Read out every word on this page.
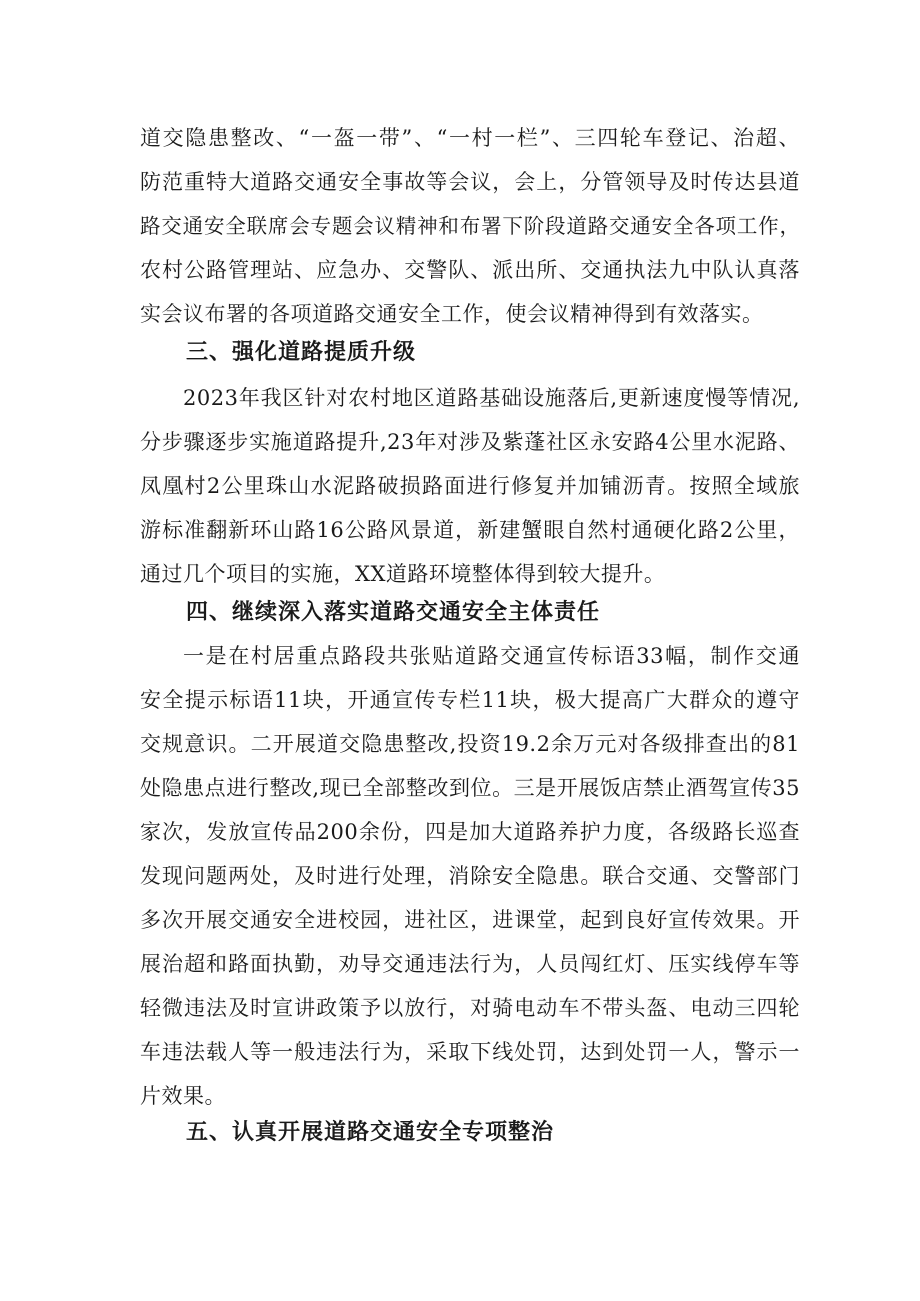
道交隐患整改、“一盔一带”、“一村一栏”、三四轮车登记、治超、
防范重特大道路交通安全事故等会议，会上，分管领导及时传达县道
路交通安全联席会专题会议精神和布署下阶段道路交通安全各项工作，
农村公路管理站、应急办、交警队、派出所、交通执法九中队认真落
实会议布署的各项道路交通安全工作，使会议精神得到有效落实。
三、强化道路提质升级
2023年我区针对农村地区道路基础设施落后,更新速度慢等情况,
分步骤逐步实施道路提升,23年对涉及紫蓬社区永安路4公里水泥路、
凤凰村2公里珠山水泥路破损路面进行修复并加铺沥青。按照全域旅
游标准翻新环山路16公路风景道，新建蟹眼自然村通硬化路2公里，
通过几个项目的实施，XX道路环境整体得到较大提升。
四、继续深入落实道路交通安全主体责任
一是在村居重点路段共张贴道路交通宣传标语33幅，制作交通
安全提示标语11块，开通宣传专栏11块，极大提高广大群众的遵守
交规意识。二开展道交隐患整改,投资19.2余万元对各级排查出的81
处隐患点进行整改,现已全部整改到位。三是开展饭店禁止酒驾宣传35
家次，发放宣传品200余份，四是加大道路养护力度，各级路长巡查
发现问题两处，及时进行处理，消除安全隐患。联合交通、交警部门
多次开展交通安全进校园，进社区，进课堂，起到良好宣传效果。开
展治超和路面执勤，劝导交通违法行为，人员闯红灯、压实线停车等
轻微违法及时宣讲政策予以放行，对骑电动车不带头盔、电动三四轮
车违法载人等一般违法行为，采取下线处罚，达到处罚一人，警示一
片效果。
五、认真开展道路交通安全专项整治
